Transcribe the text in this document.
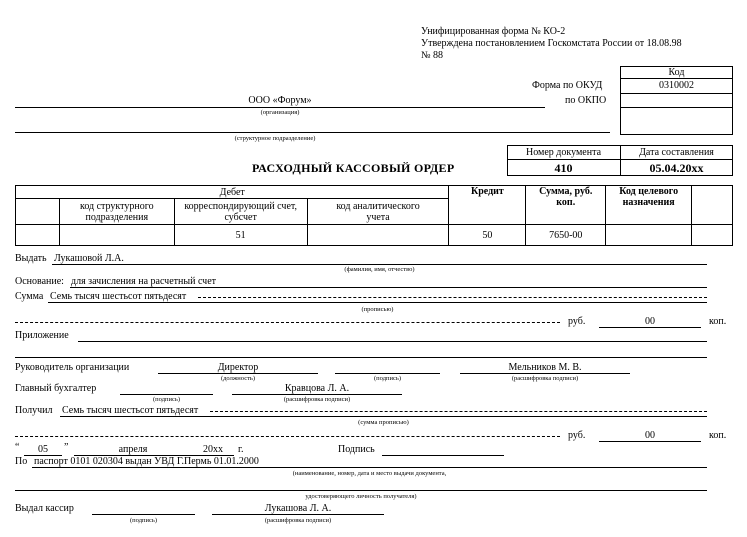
Унифицированная форма № КО-2
Утверждена постановлением Госкомстата России от 18.08.98
№ 88
Код
0310002
Форма по ОКУД
по ОКПО
ООО «Форум»
(организация)
(структурное подразделение)
Номер документа	Дата составления
410	05.04.20xx
РАСХОДНЫЙ КАССОВЫЙ ОРДЕР
Дебет				Кредит	Сумма, руб. коп.	Код целевого назначения	
	код структурного подразделения	корреспондирующий счет, субсчет	код аналитического учета				
		51		50	7650-00		
Выдать Лукашовой Л.А.
(фамилия, имя, отчество)
Основание: для зачисления на расчетный счет
Сумма Семь тысяч шестьсот пятьдесят
(прописью)
руб.	00	коп.
Приложение
Руководитель организации	Директор
(должность)	(подпись)
Мельников М. В.
(расшифровка подписи)
Главный бухгалтер
(подпись)
Кравцова Л. А.
(расшифровка подписи)
Получил Семь тысяч шестьсот пятьдесят
(сумма прописью)
руб.	00	коп.
“	05	”	апреля	20xx	г.	Подпись
По паспорт 0101 020304 выдан УВД Г.Пермь 01.01.2000
(наименование, номер, дата и место выдачи документа,
удостоверяющего личность получателя)
Выдал кассир
(подпись)
Лукашова Л. А.
(расшифровка подписи)
